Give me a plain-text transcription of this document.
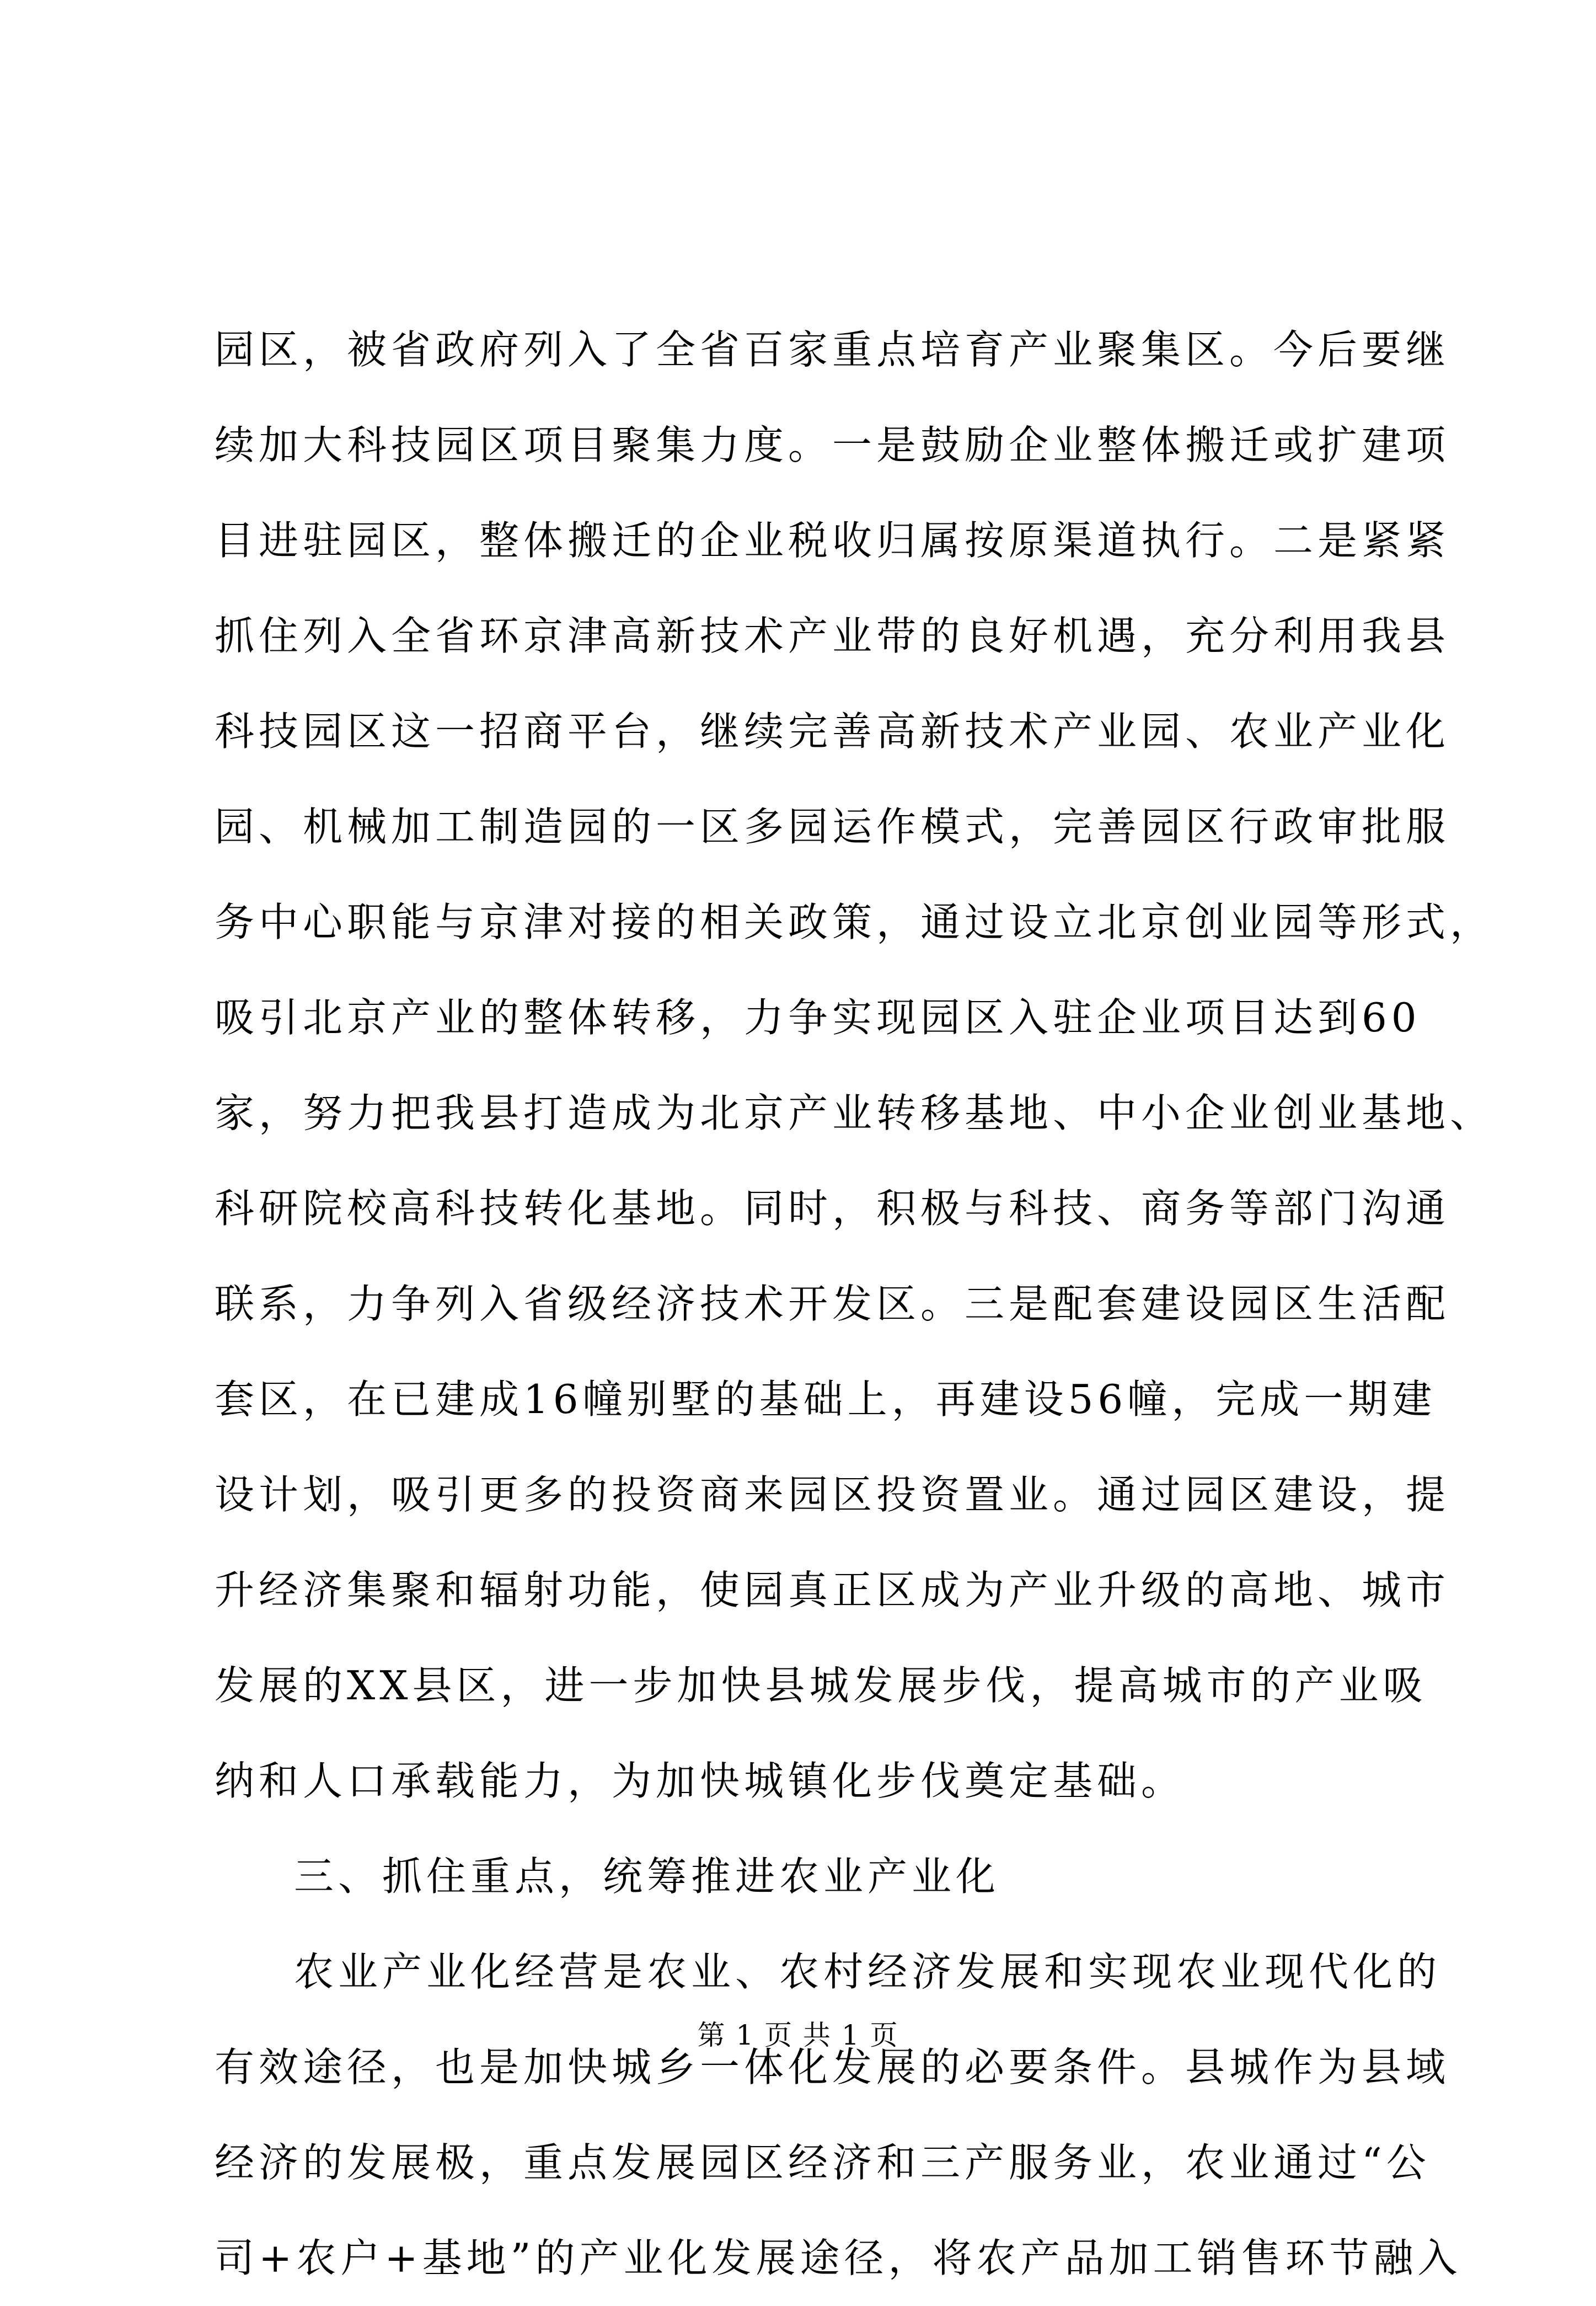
园区，被省政府列入了全省百家重点培育产业聚集区。今后要继
续加大科技园区项目聚集力度。一是鼓励企业整体搬迁或扩建项
目进驻园区，整体搬迁的企业税收归属按原渠道执行。二是紧紧
抓住列入全省环京津高新技术产业带的良好机遇，充分利用我县
科技园区这一招商平台，继续完善高新技术产业园、农业产业化
园、机械加工制造园的一区多园运作模式，完善园区行政审批服
务中心职能与京津对接的相关政策，通过设立北京创业园等形式，
吸引北京产业的整体转移，力争实现园区入驻企业项目达到60
家，努力把我县打造成为北京产业转移基地、中小企业创业基地、
科研院校高科技转化基地。同时，积极与科技、商务等部门沟通
联系，力争列入省级经济技术开发区。三是配套建设园区生活配
套区，在已建成16幢别墅的基础上，再建设56幢，完成一期建
设计划，吸引更多的投资商来园区投资置业。通过园区建设，提
升经济集聚和辐射功能，使园真正区成为产业升级的高地、城市
发展的XX县区，进一步加快县城发展步伐，提高城市的产业吸
纳和人口承载能力，为加快城镇化步伐奠定基础。
三、抓住重点，统筹推进农业产业化
农业产业化经营是农业、农村经济发展和实现农业现代化的
有效途径，也是加快城乡一体化发展的必要条件。县城作为县域
经济的发展极，重点发展园区经济和三产服务业，农业通过“公
司+农户+基地”的产业化发展途径，将农产品加工销售环节融入
第 1 页 共 1 页
